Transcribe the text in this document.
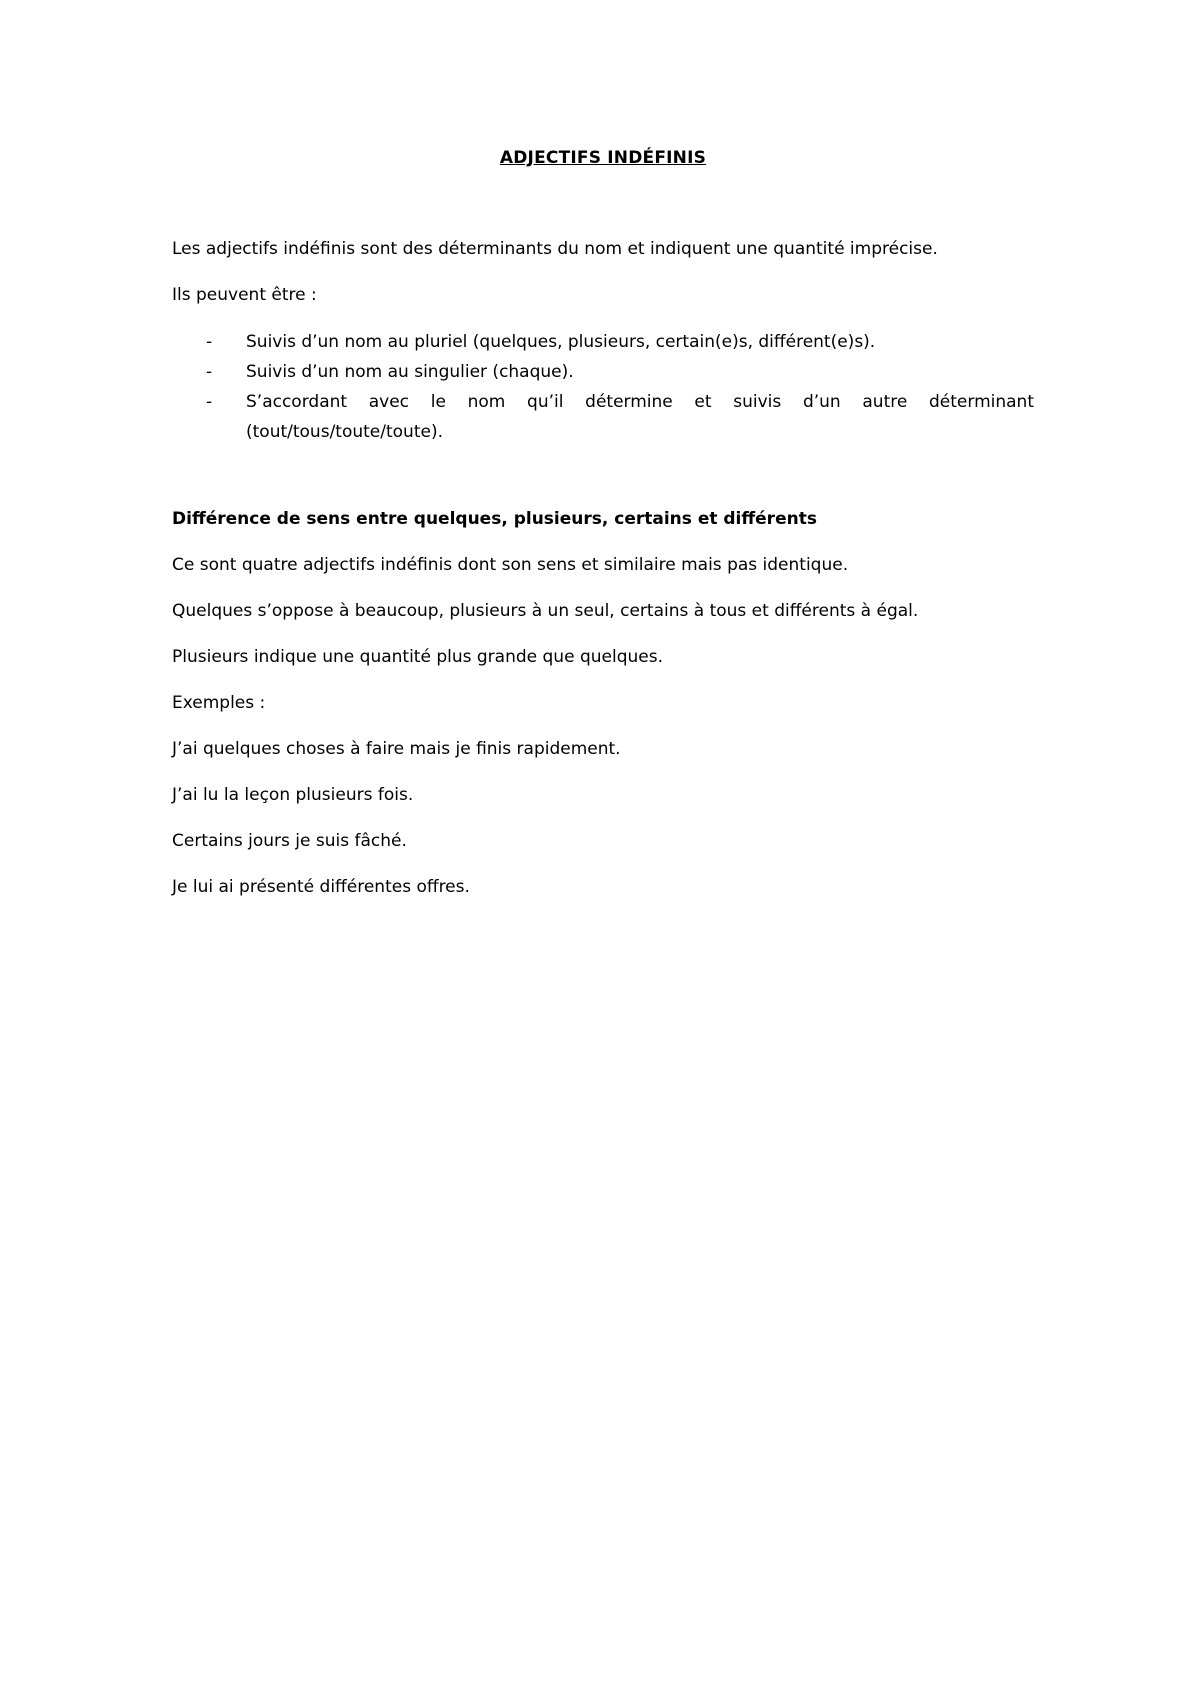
ADJECTIFS INDÉFINIS
Les adjectifs indéfinis sont des déterminants du nom et indiquent une quantité imprécise.
Ils peuvent être :
- Suivis d’un nom au pluriel (quelques, plusieurs, certain(e)s, différent(e)s).
- Suivis d’un nom au singulier (chaque).
- S’accordant avec le nom qu’il détermine et suivis d’un autre déterminant (tout/tous/toute/toute).
Différence de sens entre quelques, plusieurs, certains et différents
Ce sont quatre adjectifs indéfinis dont son sens et similaire mais pas identique.
Quelques s’oppose à beaucoup, plusieurs à un seul, certains à tous et différents à égal.
Plusieurs indique une quantité plus grande que quelques.
Exemples :
J’ai quelques choses à faire mais je finis rapidement.
J’ai lu la leçon plusieurs fois.
Certains jours je suis fâché.
Je lui ai présenté différentes offres.
